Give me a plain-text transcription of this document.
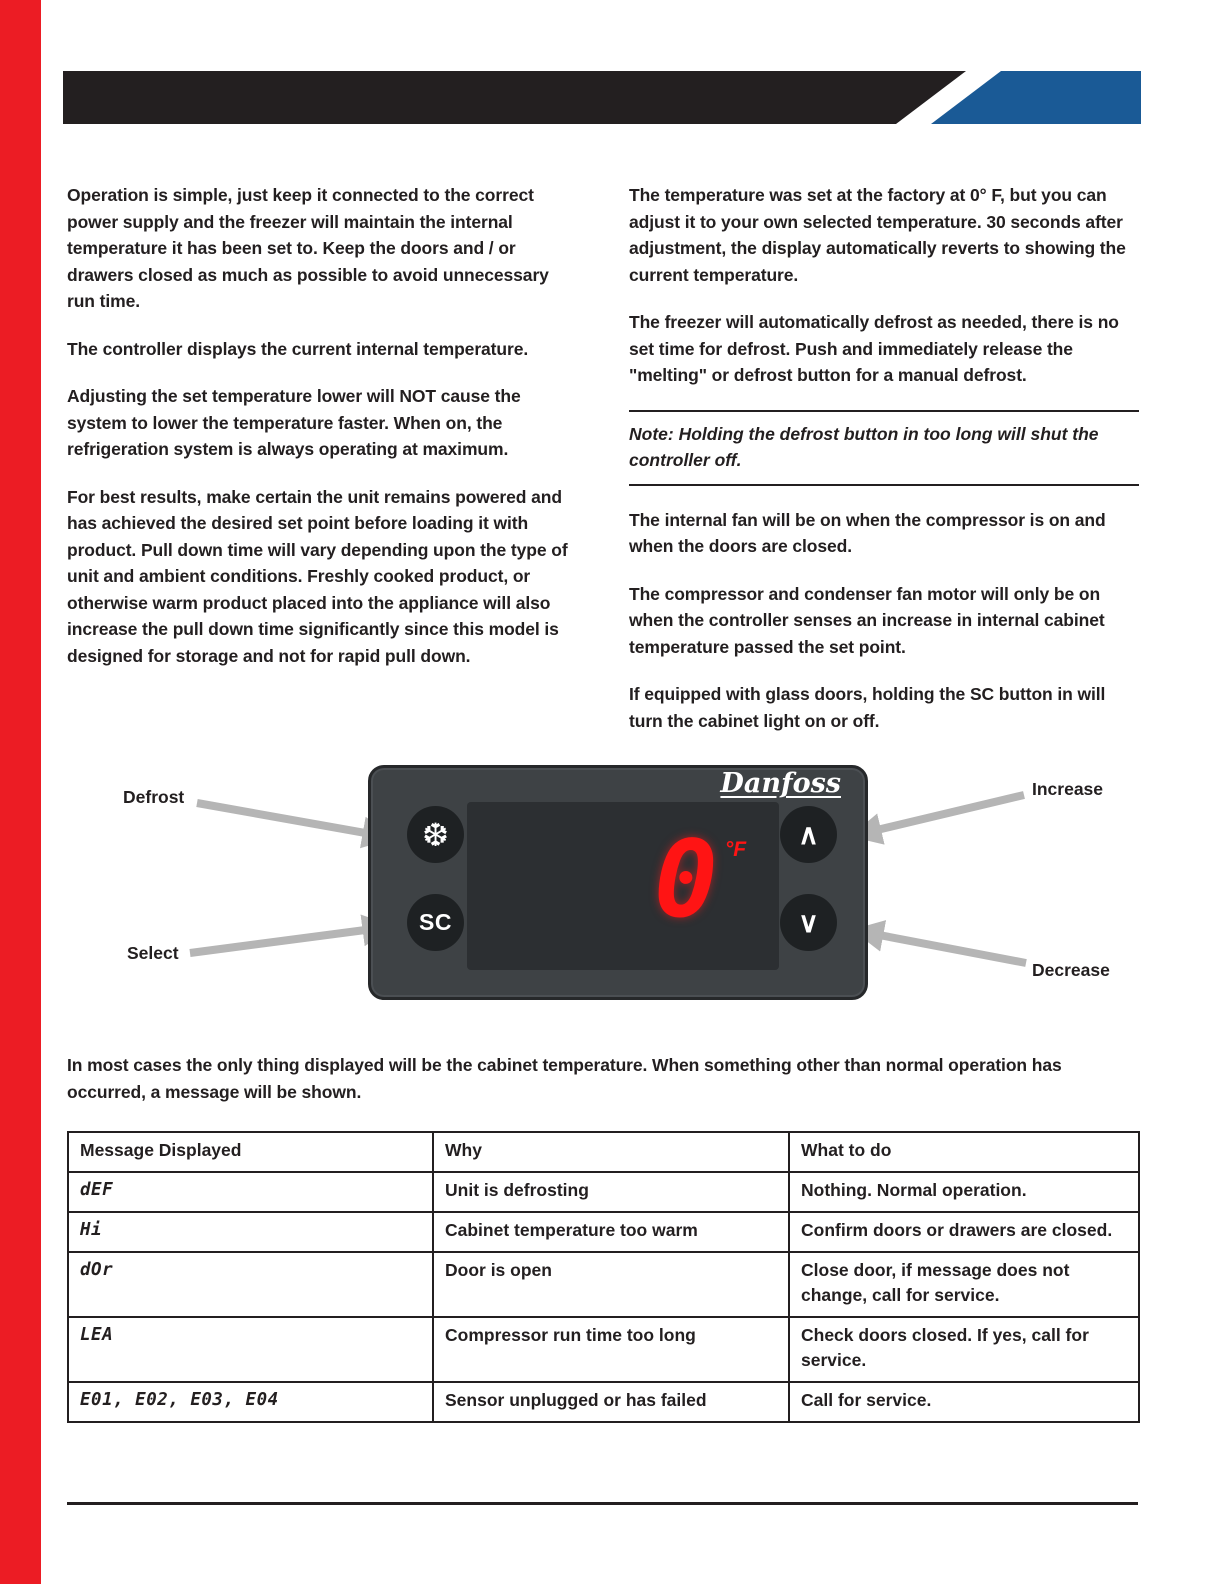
Operation is simple, just keep it connected to the correct power supply and the freezer will maintain the internal temperature it has been set to. Keep the doors and / or drawers closed as much as possible to avoid unnecessary run time.

The controller displays the current internal temperature.

Adjusting the set temperature lower will NOT cause the system to lower the temperature faster. When on, the refrigeration system is always operating at maximum.

For best results, make certain the unit remains powered and has achieved the desired set point before loading it with product. Pull down time will vary depending upon the type of unit and ambient conditions. Freshly cooked product, or otherwise warm product placed into the appliance will also increase the pull down time significantly since this model is designed for storage and not for rapid pull down.

The temperature was set at the factory at 0° F, but you can adjust it to your own selected temperature. 30 seconds after adjustment, the display automatically reverts to showing the current temperature.

The freezer will automatically defrost as needed, there is no set time for defrost. Push and immediately release the "melting" or defrost button for a manual defrost.

Note: Holding the defrost button in too long will shut the controller off.

The internal fan will be on when the compressor is on and when the doors are closed.

The compressor and condenser fan motor will only be on when the controller senses an increase in internal cabinet temperature passed the set point.

If equipped with glass doors, holding the SC button in will turn the cabinet light on or off.

Defrost
Select
Increase
Decrease
Danfoss
❆
SC 0 °F ∧
∨

In most cases the only thing displayed will be the cabinet temperature. When something other than normal operation has occurred, a message will be shown.

Message Displayed	Why	What to do
dEF	Unit is defrosting	Nothing. Normal operation.
Hi	Cabinet temperature too warm	Confirm doors or drawers are closed.
dOr	Door is open	Close door, if message does not change, call for service.
LEA	Compressor run time too long	Check doors closed. If yes, call for service.
E01, E02, E03, E04	Sensor unplugged or has failed	Call for service.
